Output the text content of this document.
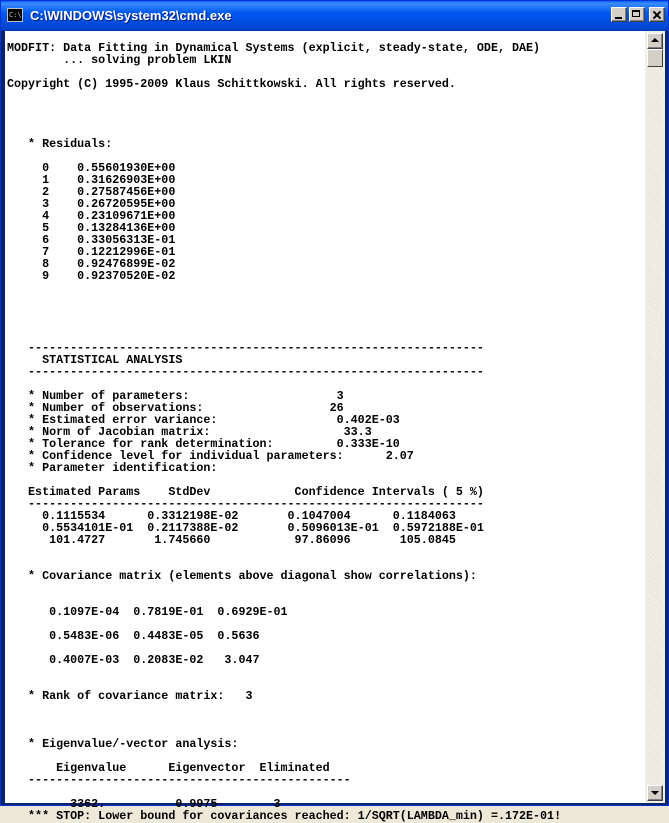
C:\ C:\WINDOWS\system32\cmd.exe
MODFIT: Data Fitting in Dynamical Systems (explicit, steady-state, ODE, DAE)
... solving problem LKIN

Copyright (C) 1995-2009 Klaus Schittkowski. All rights reserved.

* Residuals:

0    0.55601930E+00
1    0.31626903E+00
2    0.27587456E+00
3    0.26720595E+00
4    0.23109671E+00
5    0.13284136E+00
6    0.33056313E-01
7    0.12212996E-01
8    0.92476899E-02
9    0.92370520E-02

-----------------------------------------------------------------
STATISTICAL ANALYSIS
-----------------------------------------------------------------

* Number of parameters:                     3
* Number of observations:                  26
* Estimated error variance:                 0.402E-03
* Norm of Jacobian matrix:                   33.3
* Tolerance for rank determination:         0.333E-10
* Confidence level for individual parameters:      2.07
* Parameter identification:

Estimated Params    StdDev            Confidence Intervals ( 5 %)
-----------------------------------------------------------------
0.1115534      0.3312198E-02       0.1047004      0.1184063
0.5534101E-01  0.2117388E-02       0.5096013E-01  0.5972188E-01
101.4727       1.745660            97.86096       105.0845

* Covariance matrix (elements above diagonal show correlations):

0.1097E-04  0.7819E-01  0.6929E-01

0.5483E-06  0.4483E-05  0.5636

0.4007E-03  0.2083E-02   3.047

* Rank of covariance matrix:   3

* Eigenvalue/-vector analysis:

Eigenvalue      Eigenvector  Eliminated
----------------------------------------------

3362.          0.9975        3
*** STOP: Lower bound for covariances reached: 1/SQRT(LAMBDA_min) =.172E-01!
